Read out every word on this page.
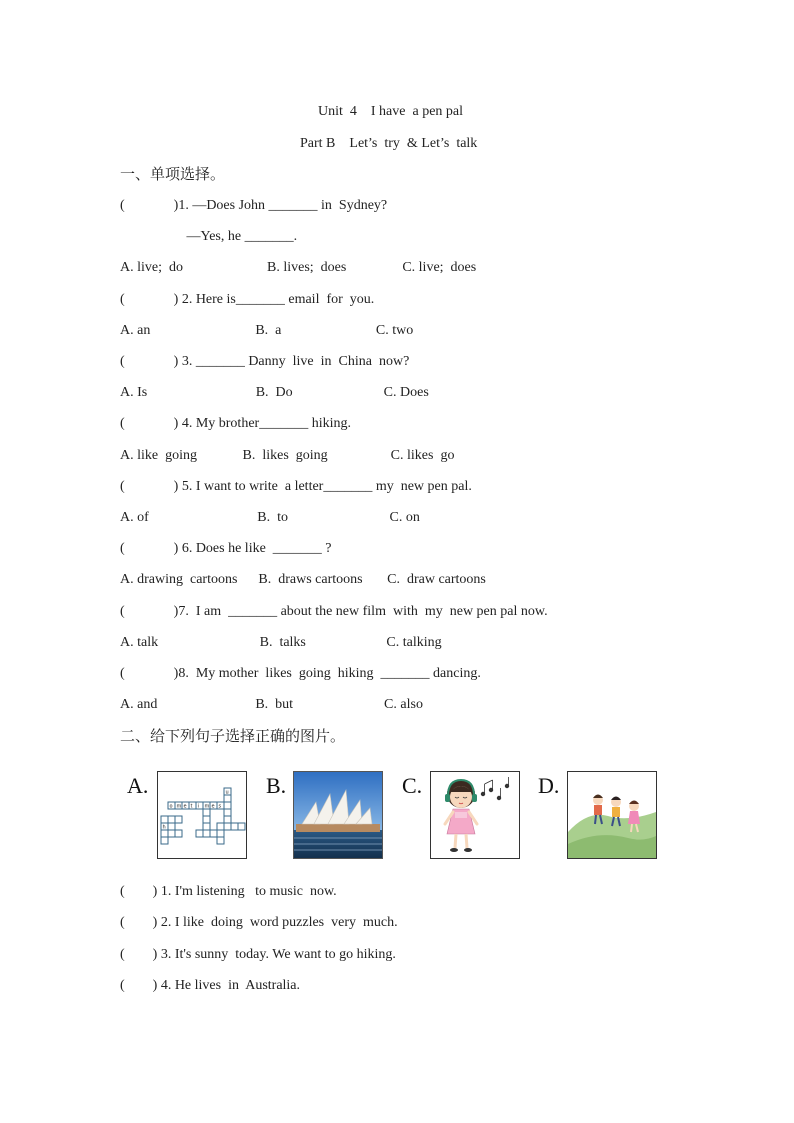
Unit  4    I have  a pen pal
Part B    Let’s  try  & Let’s  talk
一、单项选择。
(              )1. —Does John _______ in  Sydney?
—Yes, he _______.
A. live;  do                        B. lives;  does                C. live;  does
(              ) 2. Here is_______ email  for  you.
A. an                              B.  a                           C. two
(              ) 3. _______ Danny  live  in  China  now?
A. Is                               B.  Do                          C. Does
(              ) 4. My brother_______ hiking.
A. like  going             B.  likes  going                  C. likes  go
(              ) 5. I want to write  a letter_______ my  new pen pal.
A. of                               B.  to                             C. on
(              ) 6. Does he like  _______ ?
A. drawing  cartoons      B.  draws cartoons       C.  draw cartoons
(              )7.  I am  _______ about the new film  with  my  new pen pal now.
A. talk                             B.  talks                       C. talking
(              )8.  My mother  likes  going  hiking  _______ dancing.
A. and                            B.  but                          C. also
二、给下列句子选择正确的图片。
A.
o m e t i m e s
u
h
B.	C.	D.
(        ) 1. I'm listening   to music  now.
(        ) 2. I like  doing  word puzzles  very  much.
(        ) 3. It's sunny  today. We want to go hiking.
(        ) 4. He lives  in  Australia.
